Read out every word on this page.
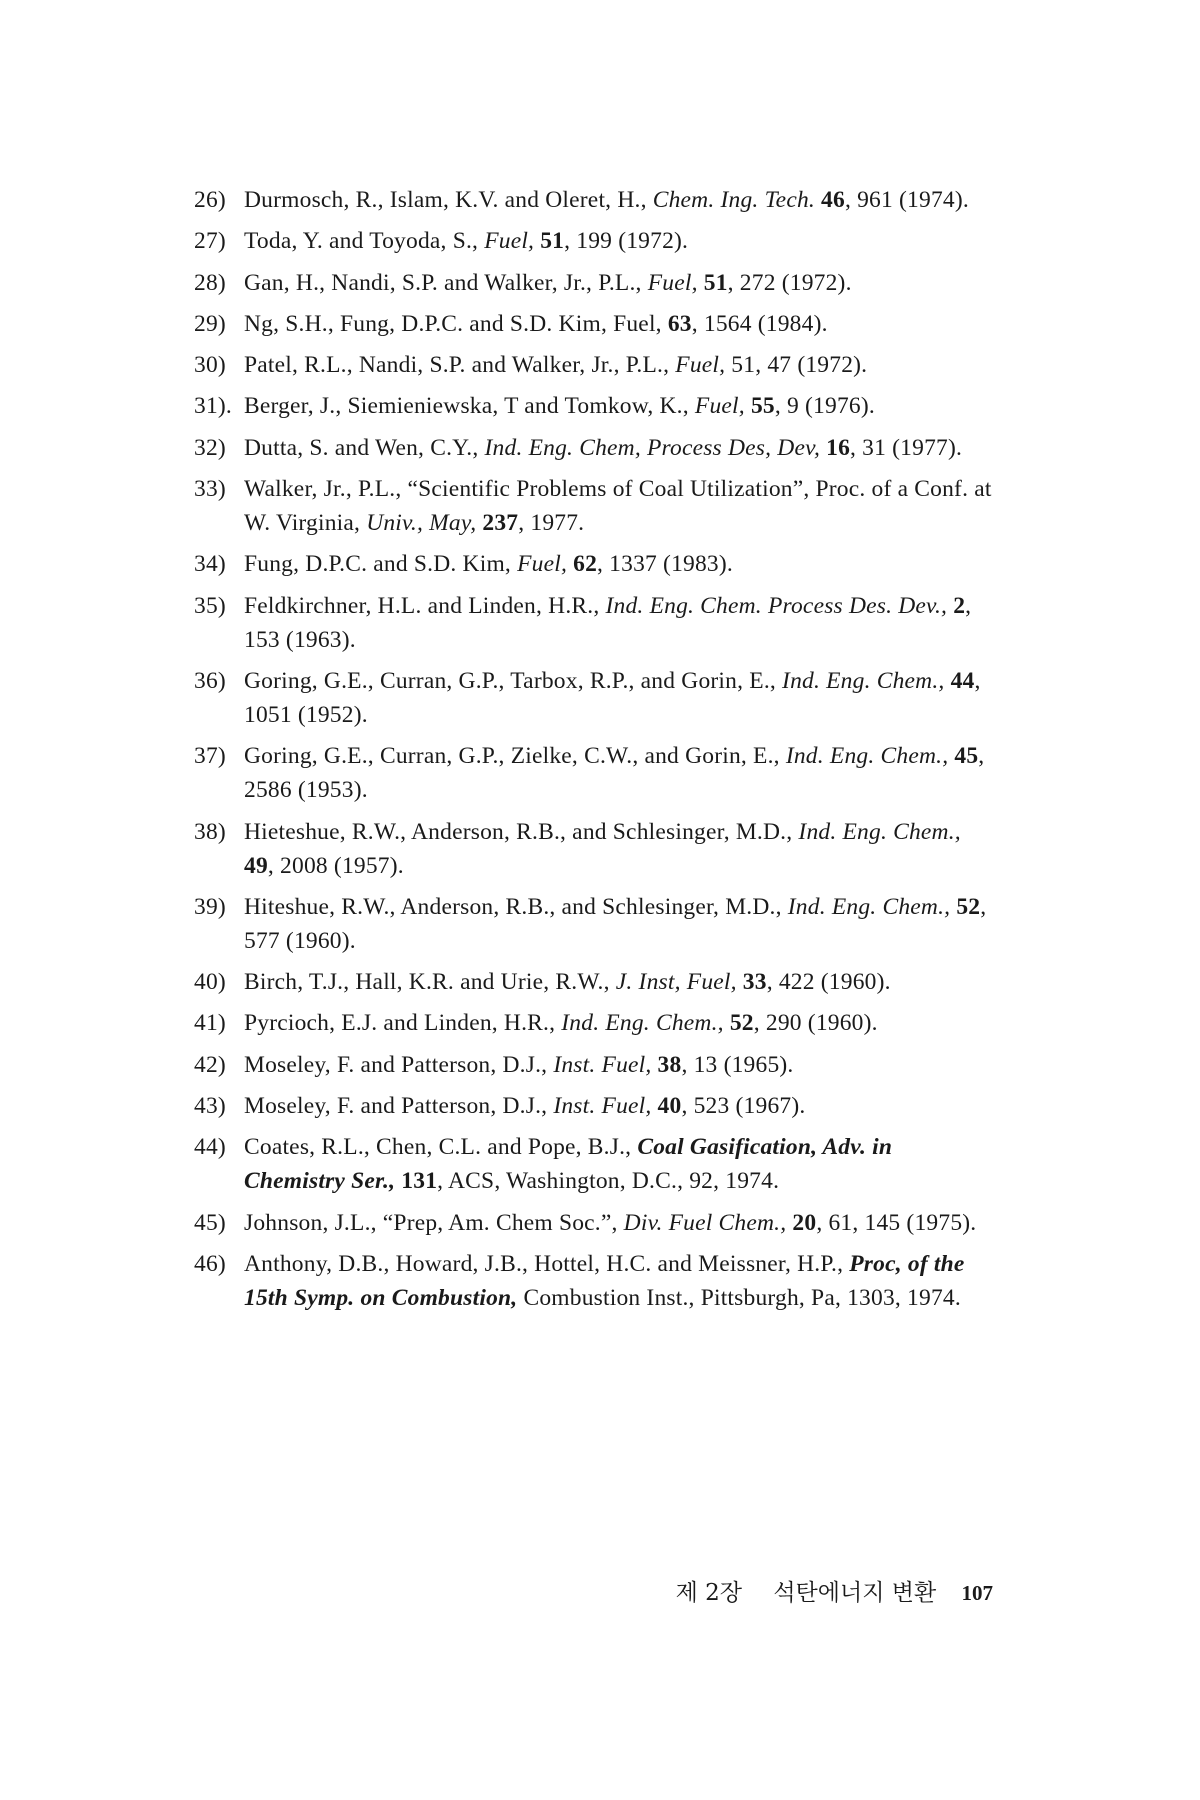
26) Durmosch, R., Islam, K.V. and Oleret, H., Chem. Ing. Tech. 46, 961 (1974).
27) Toda, Y. and Toyoda, S., Fuel, 51, 199 (1972).
28) Gan, H., Nandi, S.P. and Walker, Jr., P.L., Fuel, 51, 272 (1972).
29) Ng, S.H., Fung, D.P.C. and S.D. Kim, Fuel, 63, 1564 (1984).
30) Patel, R.L., Nandi, S.P. and Walker, Jr., P.L., Fuel, 51, 47 (1972).
31). Berger, J., Siemieniewska, T and Tomkow, K., Fuel, 55, 9 (1976).
32) Dutta, S. and Wen, C.Y., Ind. Eng. Chem, Process Des, Dev, 16, 31 (1977).
33) Walker, Jr., P.L., “Scientific Problems of Coal Utilization”, Proc. of a Conf. at W. Virginia, Univ., May, 237, 1977.
34) Fung, D.P.C. and S.D. Kim, Fuel, 62, 1337 (1983).
35) Feldkirchner, H.L. and Linden, H.R., Ind. Eng. Chem. Process Des. Dev., 2, 153 (1963).
36) Goring, G.E., Curran, G.P., Tarbox, R.P., and Gorin, E., Ind. Eng. Chem., 44, 1051 (1952).
37) Goring, G.E., Curran, G.P., Zielke, C.W., and Gorin, E., Ind. Eng. Chem., 45, 2586 (1953).
38) Hieteshue, R.W., Anderson, R.B., and Schlesinger, M.D., Ind. Eng. Chem., 49, 2008 (1957).
39) Hiteshue, R.W., Anderson, R.B., and Schlesinger, M.D., Ind. Eng. Chem., 52, 577 (1960).
40) Birch, T.J., Hall, K.R. and Urie, R.W., J. Inst, Fuel, 33, 422 (1960).
41) Pyrcioch, E.J. and Linden, H.R., Ind. Eng. Chem., 52, 290 (1960).
42) Moseley, F. and Patterson, D.J., Inst. Fuel, 38, 13 (1965).
43) Moseley, F. and Patterson, D.J., Inst. Fuel, 40, 523 (1967).
44) Coates, R.L., Chen, C.L. and Pope, B.J., Coal Gasification, Adv. in Chemistry Ser., 131, ACS, Washington, D.C., 92, 1974.
45) Johnson, J.L., “Prep, Am. Chem Soc.”, Div. Fuel Chem., 20, 61, 145 (1975).
46) Anthony, D.B., Howard, J.B., Hottel, H.C. and Meissner, H.P., Proc, of the 15th Symp. on Combustion, Combustion Inst., Pittsburgh, Pa, 1303, 1974.
제 2장 석탄에너지 변환 107
